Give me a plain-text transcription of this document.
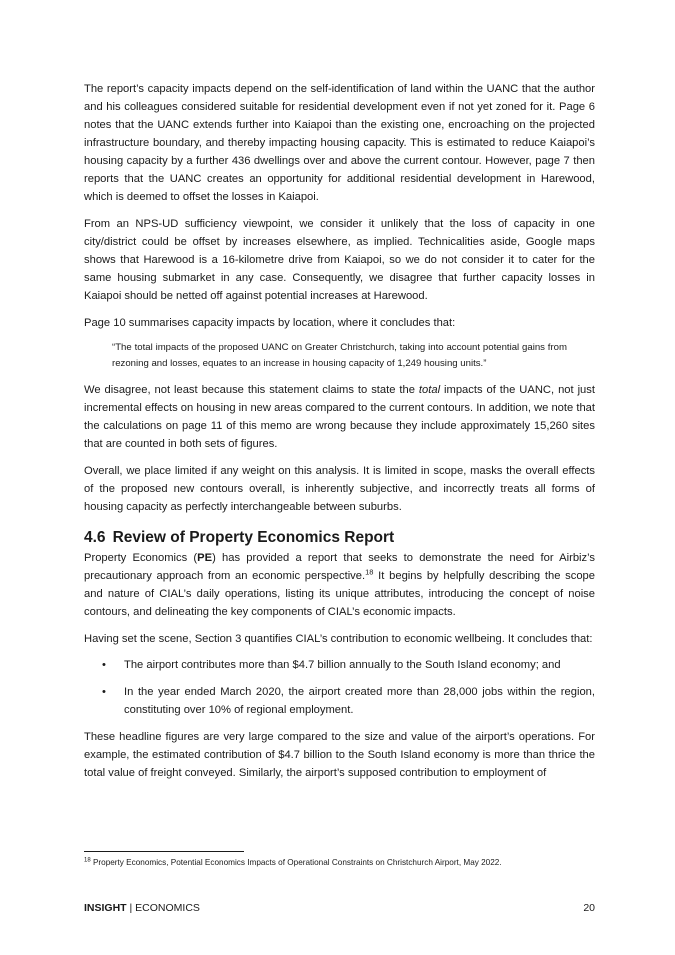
The report’s capacity impacts depend on the self-identification of land within the UANC that the author and his colleagues considered suitable for residential development even if not yet zoned for it. Page 6 notes that the UANC extends further into Kaiapoi than the existing one, encroaching on the projected infrastructure boundary, and thereby impacting housing capacity. This is estimated to reduce Kaiapoi’s housing capacity by a further 436 dwellings over and above the current contour. However, page 7 then reports that the UANC creates an opportunity for additional residential development in Harewood, which is deemed to offset the losses in Kaiapoi.

From an NPS-UD sufficiency viewpoint, we consider it unlikely that the loss of capacity in one city/district could be offset by increases elsewhere, as implied. Technicalities aside, Google maps shows that Harewood is a 16-kilometre drive from Kaiapoi, so we do not consider it to cater for the same housing submarket in any case. Consequently, we disagree that further capacity losses in Kaiapoi should be netted off against potential increases at Harewood.

Page 10 summarises capacity impacts by location, where it concludes that:

“The total impacts of the proposed UANC on Greater Christchurch, taking into account potential gains from rezoning and losses, equates to an increase in housing capacity of 1,249 housing units.”

We disagree, not least because this statement claims to state the total impacts of the UANC, not just incremental effects on housing in new areas compared to the current contours. In addition, we note that the calculations on page 11 of this memo are wrong because they include approximately 15,260 sites that are counted in both sets of figures.

Overall, we place limited if any weight on this analysis. It is limited in scope, masks the overall effects of the proposed new contours overall, is inherently subjective, and incorrectly treats all forms of housing capacity as perfectly interchangeable between suburbs.

4.6 Review of Property Economics Report

Property Economics (PE) has provided a report that seeks to demonstrate the need for Airbiz’s precautionary approach from an economic perspective.$^{18}$ It begins by helpfully describing the scope and nature of CIAL’s daily operations, listing its unique attributes, introducing the concept of noise contours, and delineating the key components of CIAL’s economic impacts.

Having set the scene, Section 3 quantifies CIAL’s contribution to economic wellbeing. It concludes that:

• The airport contributes more than $4.7 billion annually to the South Island economy; and
• In the year ended March 2020, the airport created more than 28,000 jobs within the region, constituting over 10% of regional employment.

These headline figures are very large compared to the size and value of the airport’s operations. For example, the estimated contribution of $4.7 billion to the South Island economy is more than thrice the total value of freight conveyed. Similarly, the airport’s supposed contribution to employment of

$^{18}$ Property Economics, Potential Economics Impacts of Operational Constraints on Christchurch Airport, May 2022.
INSIGHT | ECONOMICS	20
